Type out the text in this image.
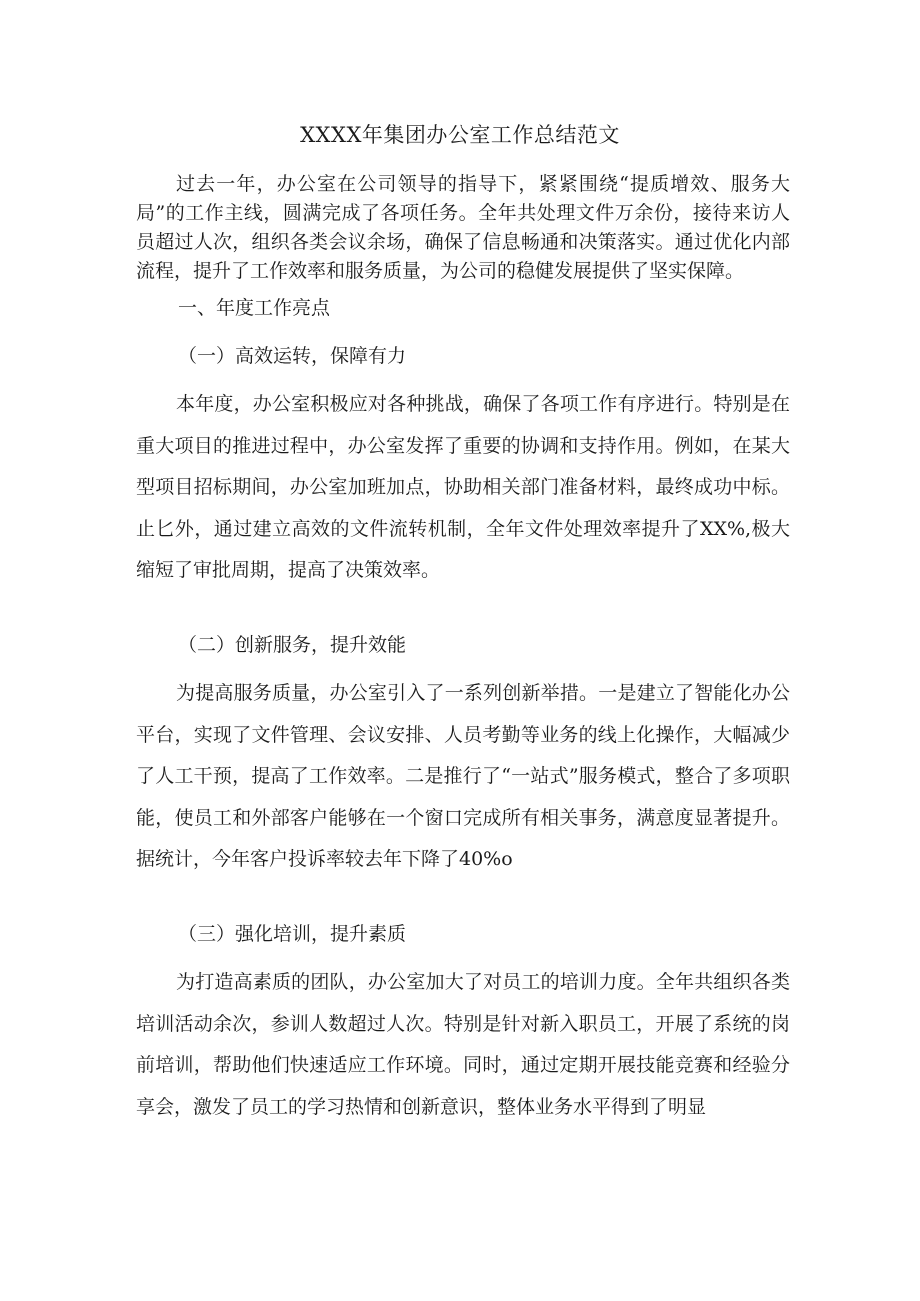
XXXX年集团办公室工作总结范文

过去一年，办公室在公司领导的指导下，紧紧围绕“提质增效、服务大局”的工作主线，圆满完成了各项任务。全年共处理文件万余份，接待来访人员超过人次，组织各类会议余场，确保了信息畅通和决策落实。通过优化内部流程，提升了工作效率和服务质量，为公司的稳健发展提供了坚实保障。

一、年度工作亮点

（一）高效运转，保障有力

本年度，办公室积极应对各种挑战，确保了各项工作有序进行。特别是在重大项目的推进过程中，办公室发挥了重要的协调和支持作用。例如，在某大型项目招标期间，办公室加班加点，协助相关部门准备材料，最终成功中标。止匕外，通过建立高效的文件流转机制，全年文件处理效率提升了XX%,极大缩短了审批周期，提高了决策效率。

（二）创新服务，提升效能

为提高服务质量，办公室引入了一系列创新举措。一是建立了智能化办公平台，实现了文件管理、会议安排、人员考勤等业务的线上化操作，大幅减少了人工干预，提高了工作效率。二是推行了“一站式”服务模式，整合了多项职能，使员工和外部客户能够在一个窗口完成所有相关事务，满意度显著提升。据统计，今年客户投诉率较去年下降了40%o

（三）强化培训，提升素质

为打造高素质的团队，办公室加大了对员工的培训力度。全年共组织各类培训活动余次，参训人数超过人次。特别是针对新入职员工，开展了系统的岗前培训，帮助他们快速适应工作环境。同时，通过定期开展技能竞赛和经验分享会，激发了员工的学习热情和创新意识，整体业务水平得到了明显
